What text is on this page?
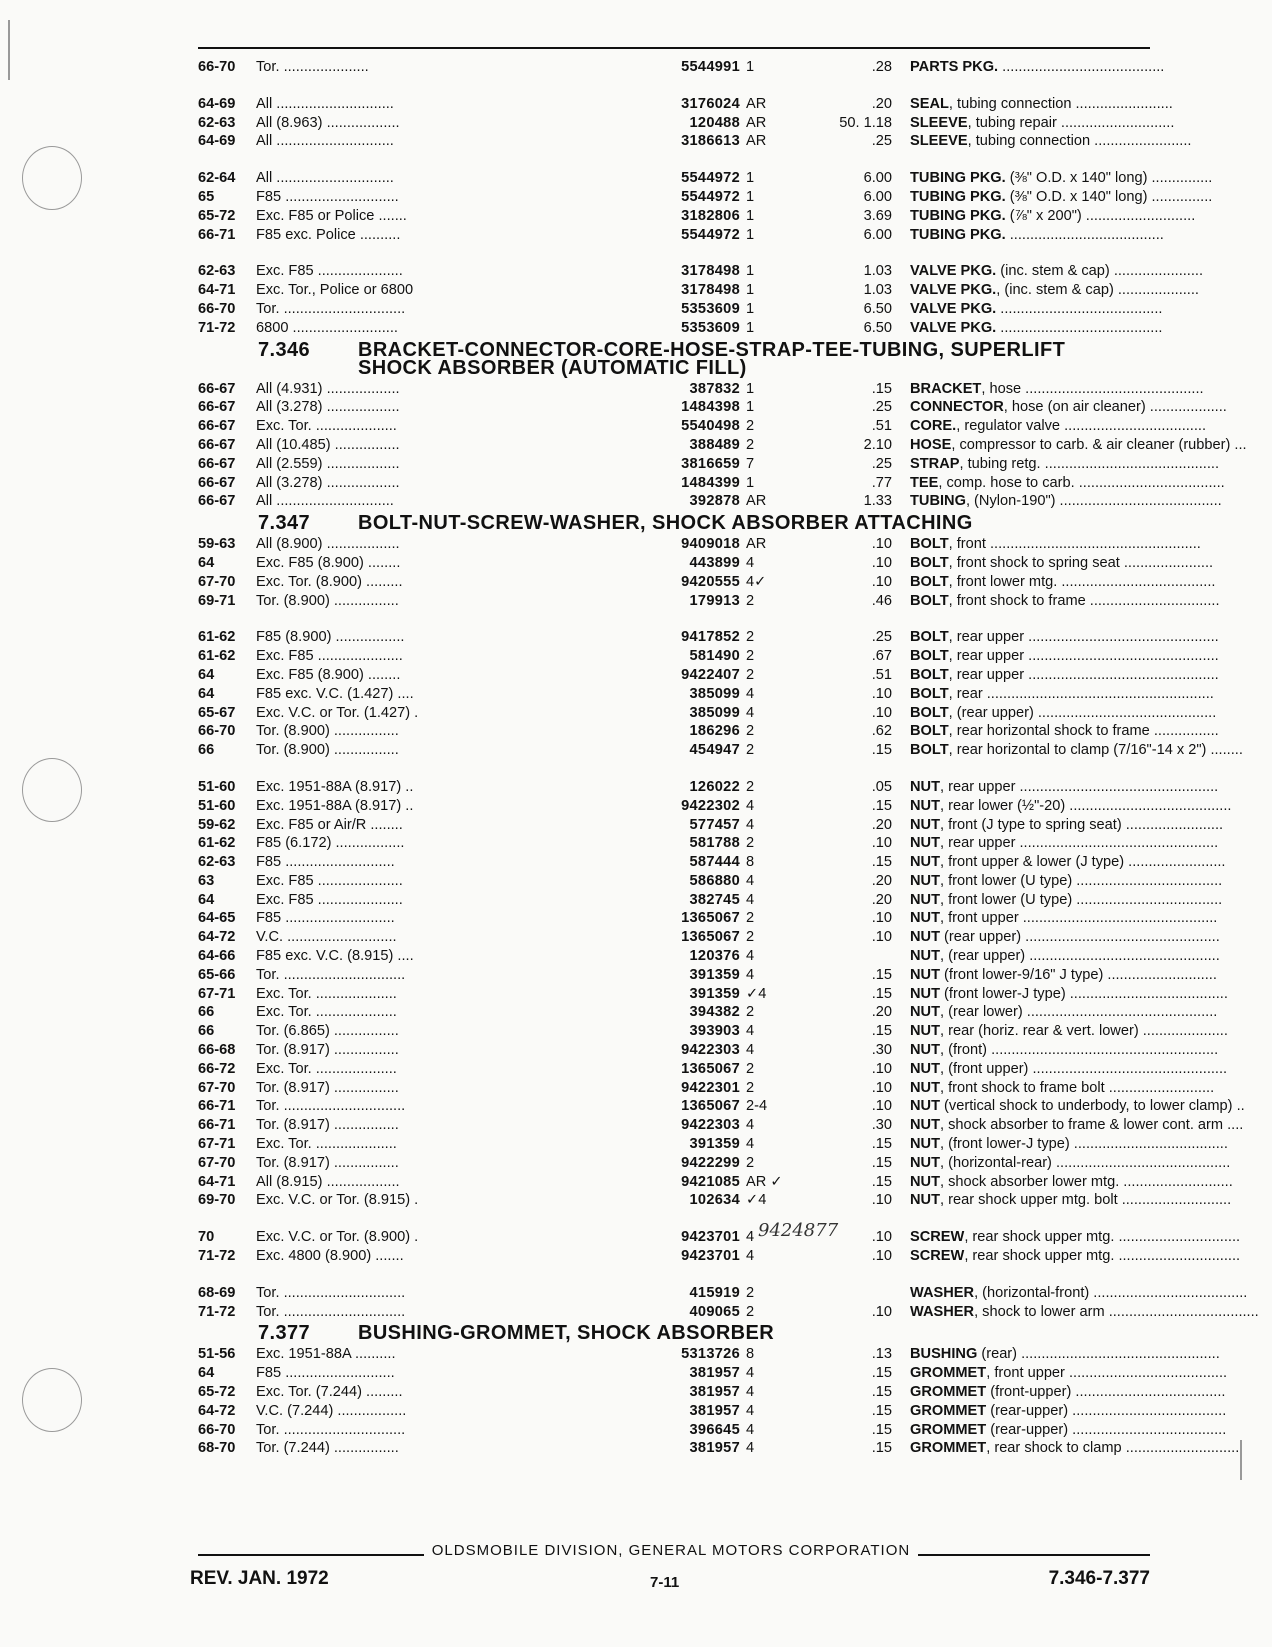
66-70	Tor. .....................	5544991 1	.28 PARTS PKG. ........................................
64-69	All .............................	3176024 AR	.20 SEAL, tubing connection ........................
62-63	All (8.963) ..................	120488 AR	50. 1.18 SLEEVE, tubing repair ............................
64-69	All .............................	3186613 AR	.25 SLEEVE, tubing connection ........................
62-64	All .............................	5544972 1	6.00 TUBING PKG. (⅜" O.D. x 140" long) ...............
65	F85 ............................	5544972 1	6.00 TUBING PKG. (⅜" O.D. x 140" long) ...............
65-72	Exc. F85 or Police .......	3182806 1	3.69 TUBING PKG. (⅞" x 200") ...........................
66-71	F85 exc. Police ..........	5544972 1	6.00 TUBING PKG. ......................................
62-63	Exc. F85 .....................	3178498 1	1.03 VALVE PKG. (inc. stem & cap) ......................
64-71	Exc. Tor., Police or 6800	3178498 1	1.03 VALVE PKG., (inc. stem & cap) ....................
66-70	Tor. ..............................	5353609 1	6.50 VALVE PKG. ........................................
71-72	6800 ..........................	5353609 1	6.50 VALVE PKG. ........................................
7.346 BRACKET-CONNECTOR-CORE-HOSE-STRAP-TEE-TUBING, SUPERLIFT
SHOCK ABSORBER (AUTOMATIC FILL)
66-67	All (4.931) ..................	387832 1	.15 BRACKET, hose ............................................
66-67	All (3.278) ..................	1484398 1	.25 CONNECTOR, hose (on air cleaner) ...................
66-67	Exc. Tor. ....................	5540498 2	.51 CORE., regulator valve ...................................
66-67	All (10.485) ................	388489 2	2.10 HOSE, compressor to carb. & air cleaner (rubber) ...
66-67	All (2.559) ..................	3816659 7	.25 STRAP, tubing retg. ...........................................
66-67	All (3.278) ..................	1484399 1	.77 TEE, comp. hose to carb. ....................................
66-67	All .............................	392878 AR	1.33 TUBING, (Nylon-190") ........................................
7.347 BOLT-NUT-SCREW-WASHER, SHOCK ABSORBER ATTACHING
59-63	All (8.900) ..................	9409018 AR	.10 BOLT, front ....................................................
64	Exc. F85 (8.900) ........	443899 4	.10 BOLT, front shock to spring seat ......................
67-70	Exc. Tor. (8.900) .........	9420555 4✓	.10 BOLT, front lower mtg. ......................................
69-71	Tor. (8.900) ................	179913 2	.46 BOLT, front shock to frame ................................
61-62	F85 (8.900) .................	9417852 2	.25 BOLT, rear upper ...............................................
61-62	Exc. F85 .....................	581490 2	.67 BOLT, rear upper ...............................................
64	Exc. F85 (8.900) ........	9422407 2	.51 BOLT, rear upper ...............................................
64	F85 exc. V.C. (1.427) ....	385099 4	.10 BOLT, rear ........................................................
65-67	Exc. V.C. or Tor. (1.427) .	385099 4	.10 BOLT, (rear upper) ............................................
66-70	Tor. (8.900) ................	186296 2	.62 BOLT, rear horizontal shock to frame ................
66	Tor. (8.900) ................	454947 2	.15 BOLT, rear horizontal to clamp (7/16"-14 x 2") ........
51-60	Exc. 1951-88A (8.917) ..	126022 2	.05 NUT, rear upper .................................................
51-60	Exc. 1951-88A (8.917) ..	9422302 4	.15 NUT, rear lower (½"-20) ........................................
59-62	Exc. F85 or Air/R ........	577457 4	.20 NUT, front (J type to spring seat) ........................
61-62	F85 (6.172) .................	581788 2	.10 NUT, rear upper .................................................
62-63	F85 ...........................	587444 8	.15 NUT, front upper & lower (J type) ........................
63	Exc. F85 .....................	586880 4	.20 NUT, front lower (U type) ....................................
64	Exc. F85 .....................	382745 4	.20 NUT, front lower (U type) ....................................
64-65	F85 ...........................	1365067 2	.10 NUT, front upper ................................................
64-72	V.C. ...........................	1365067 2	.10 NUT (rear upper) ................................................
64-66	F85 exc. V.C. (8.915) ....	120376 4	NUT, (rear upper) ...............................................
65-66	Tor. ..............................	391359 4	.15 NUT (front lower-9/16" J type) ...........................
67-71	Exc. Tor. ....................	391359 ✓4	.15 NUT (front lower-J type) .......................................
66	Exc. Tor. ....................	394382 2	.20 NUT, (rear lower) ...............................................
66	Tor. (6.865) ................	393903 4	.15 NUT, rear (horiz. rear & vert. lower) .....................
66-68	Tor. (8.917) ................	9422303 4	.30 NUT, (front) ........................................................
66-72	Exc. Tor. ....................	1365067 2	.10 NUT, (front upper) ................................................
67-70	Tor. (8.917) ................	9422301 2	.10 NUT, front shock to frame bolt ..........................
66-71	Tor. ..............................	1365067 2-4	.10 NUT (vertical shock to underbody, to lower clamp) ..
66-71	Tor. (8.917) ................	9422303 4	.30 NUT, shock absorber to frame & lower cont. arm ....
67-71	Exc. Tor. ....................	391359 4	.15 NUT, (front lower-J type) ......................................
67-70	Tor. (8.917) ................	9422299 2	.15 NUT, (horizontal-rear) ...........................................
64-71	All (8.915) ..................	9421085 AR ✓	.15 NUT, shock absorber lower mtg. ...........................
69-70	Exc. V.C. or Tor. (8.915) .	102634 ✓4	.10 NUT, rear shock upper mtg. bolt ...........................
70	Exc. V.C. or Tor. (8.900) .	9423701 4	.10 SCREW, rear shock upper mtg. ..............................
9424877
71-72	Exc. 4800 (8.900) .......	9423701 4	.10 SCREW, rear shock upper mtg. ..............................
68-69	Tor. ..............................	415919 2	WASHER, (horizontal-front) ......................................
71-72	Tor. ..............................	409065 2	.10 WASHER, shock to lower arm .....................................
7.377 BUSHING-GROMMET, SHOCK ABSORBER
51-56	Exc. 1951-88A ..........	5313726 8	.13 BUSHING (rear) .................................................
64	F85 ...........................	381957 4	.15 GROMMET, front upper .......................................
65-72	Exc. Tor. (7.244) .........	381957 4	.15 GROMMET (front-upper) .....................................
64-72	V.C. (7.244) .................	381957 4	.15 GROMMET (rear-upper) ......................................
66-70	Tor. ..............................	396645 4	.15 GROMMET (rear-upper) ......................................
68-70	Tor. (7.244) ................	381957 4	.15 GROMMET, rear shock to clamp ............................
OLDSMOBILE DIVISION, GENERAL MOTORS CORPORATION
REV. JAN. 1972	7-11	7.346-7.377
